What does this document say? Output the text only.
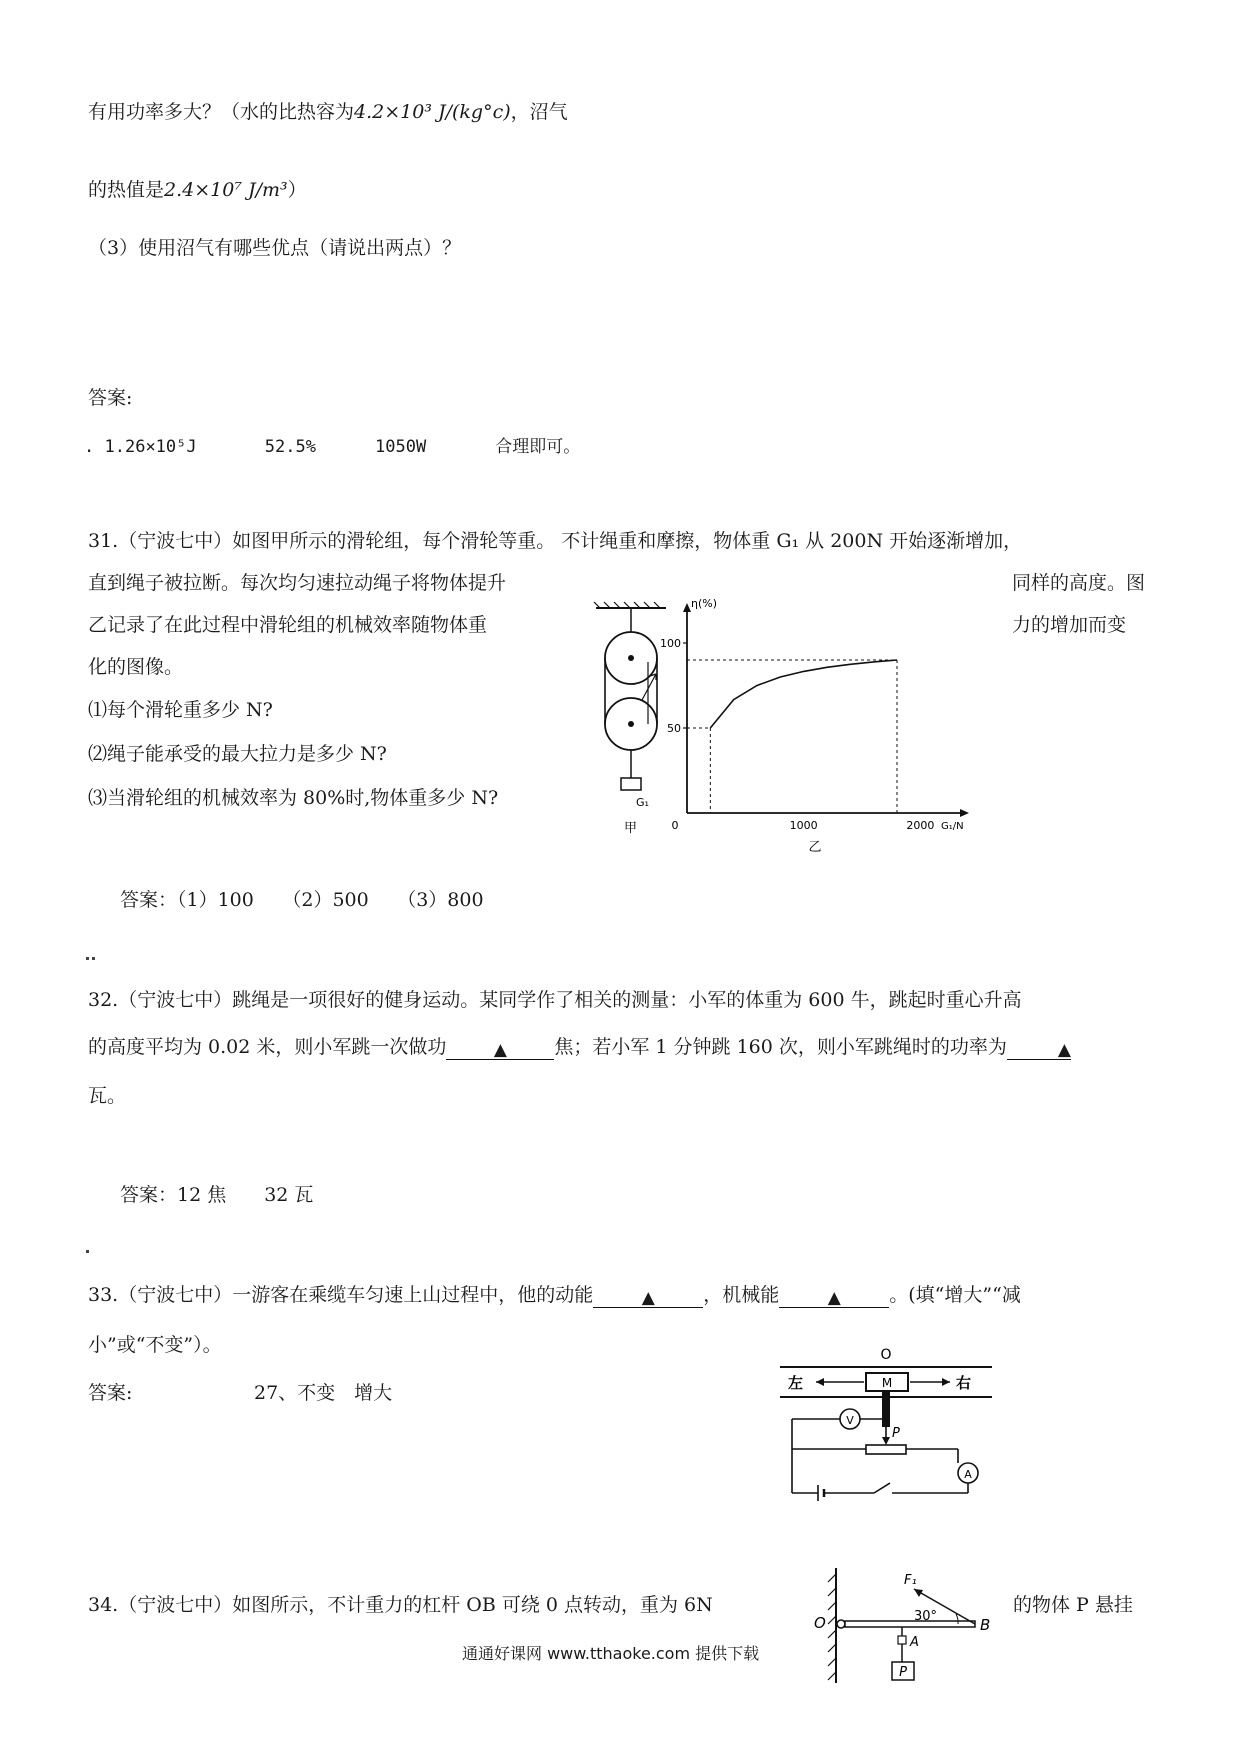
有用功率多大？（水的比热容为4.2×10³ J/(kg°c)，沼气
的热值是2.4×10⁷ J/m³）
（3）使用沼气有哪些优点（请说出两点）？
答案:
. 1.26×10⁵J	52.5%	1050W	合理即可。
31.（宁波七中）如图甲所示的滑轮组，每个滑轮等重。 不计绳重和摩擦，物体重 G₁ 从 200N 开始逐渐增加，
直到绳子被拉断。每次均匀速拉动绳子将物体提升	同样的高度。图
乙记录了在此过程中滑轮组的机械效率随物体重	力的增加而变
化的图像。
⑴每个滑轮重多少 N?
⑵绳子能承受的最大拉力是多少 N?
⑶当滑轮组的机械效率为 80%时,物体重多少 N?	G₁
甲
η(%)
G₁/N
50
100
0	1000	2000
乙
答案：（1）100　　（2）500　　（3）800
32.（宁波七中）跳绳是一项很好的健身运动。某同学作了相关的测量：小军的体重为 600 牛，跳起时重心升高
的高度平均为 0.02 米，则小军跳一次做功	▲ 焦；若小军 1 分钟跳 160 次，则小军跳绳时的功率为	▲
瓦。
答案：12 焦　　32 瓦
33.（宁波七中）一游客在乘缆车匀速上山过程中，他的动能	▲	，机械能	▲	。(填“增大”“减
小”或“不变”）。
答案:	27、不变　增大
O
左	M	右
P
V
A
34.（宁波七中）如图所示，不计重力的杠杆 OB 可绕 0 点转动，重为 6N	的物体 P 悬挂
O
F₁
30°	B
A
P
通通好课网 www.tthaoke.com 提供下载
